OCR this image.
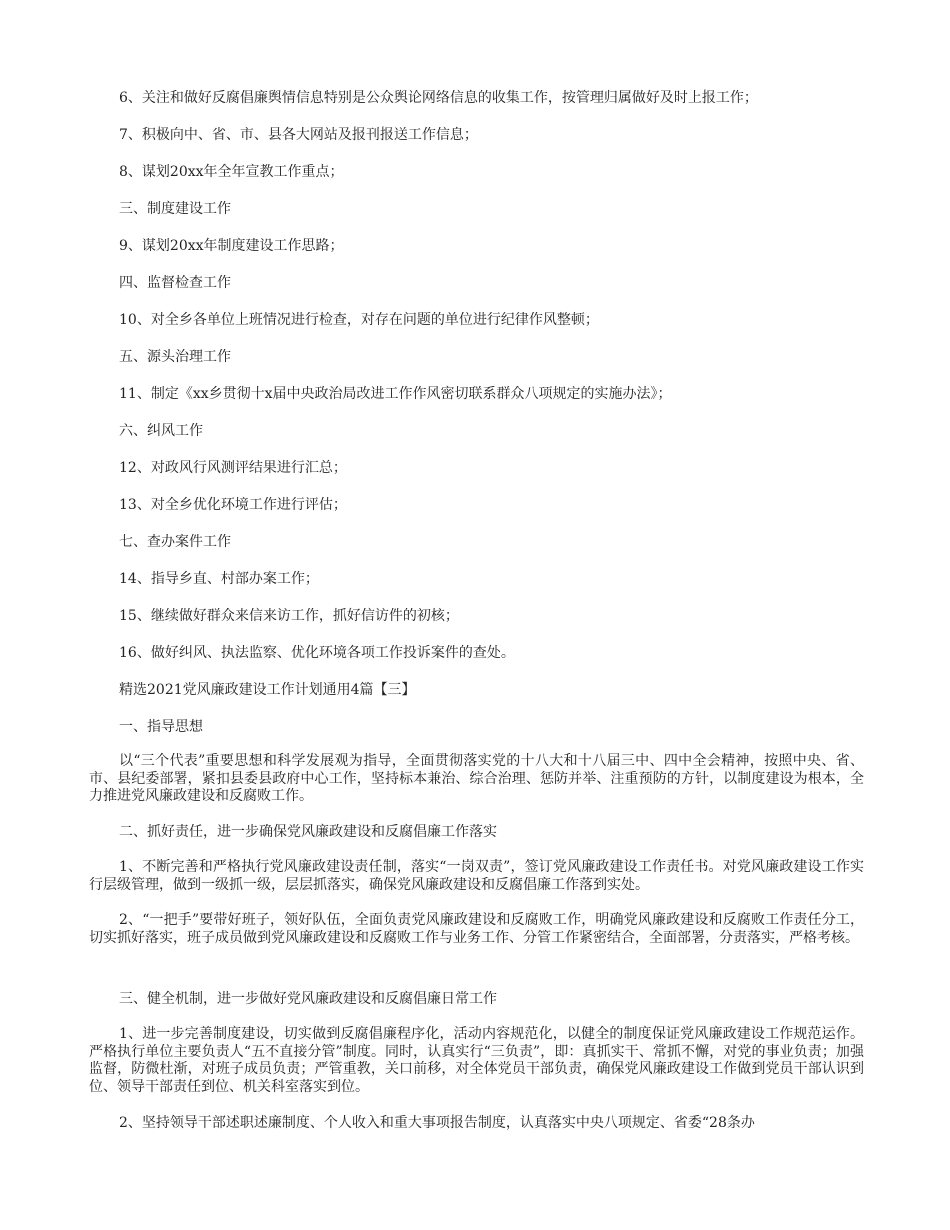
6、关注和做好反腐倡廉舆情信息特别是公众舆论网络信息的收集工作，按管理归属做好及时上报工作；
7、积极向中、省、市、县各大网站及报刊报送工作信息；
8、谋划20xx年全年宣教工作重点；
三、制度建设工作
9、谋划20xx年制度建设工作思路；
四、监督检查工作
10、对全乡各单位上班情况进行检查，对存在问题的单位进行纪律作风整顿；
五、源头治理工作
11、制定《xx乡贯彻十x届中央政治局改进工作作风密切联系群众八项规定的实施办法》；
六、纠风工作
12、对政风行风测评结果进行汇总；
13、对全乡优化环境工作进行评估；
七、查办案件工作
14、指导乡直、村部办案工作；
15、继续做好群众来信来访工作，抓好信访件的初核；
16、做好纠风、执法监察、优化环境各项工作投诉案件的查处。
精选2021党风廉政建设工作计划通用4篇【三】
一、指导思想
以“三个代表”重要思想和科学发展观为指导，全面贯彻落实党的十八大和十八届三中、四中全会精神，按照中央、省、市、县纪委部署，紧扣县委县政府中心工作，坚持标本兼治、综合治理、惩防并举、注重预防的方针，以制度建设为根本，全力推进党风廉政建设和反腐败工作。
二、抓好责任，进一步确保党风廉政建设和反腐倡廉工作落实
1、不断完善和严格执行党风廉政建设责任制，落实“一岗双责”，签订党风廉政建设工作责任书。对党风廉政建设工作实行层级管理，做到一级抓一级，层层抓落实，确保党风廉政建设和反腐倡廉工作落到实处。
2、“一把手”要带好班子，领好队伍，全面负责党风廉政建设和反腐败工作，明确党风廉政建设和反腐败工作责任分工，切实抓好落实，班子成员做到党风廉政建设和反腐败工作与业务工作、分管工作紧密结合，全面部署，分责落实，严格考核。
三、健全机制，进一步做好党风廉政建设和反腐倡廉日常工作
1、进一步完善制度建设，切实做到反腐倡廉程序化，活动内容规范化，以健全的制度保证党风廉政建设工作规范运作。严格执行单位主要负责人“五不直接分管”制度。同时，认真实行“三负责”，即：真抓实干、常抓不懈，对党的事业负责；加强监督，防微杜渐，对班子成员负责；严管重教，关口前移，对全体党员干部负责，确保党风廉政建设工作做到党员干部认识到位、领导干部责任到位、机关科室落实到位。
2、坚持领导干部述职述廉制度、个人收入和重大事项报告制度，认真落实中央八项规定、省委“28条办
